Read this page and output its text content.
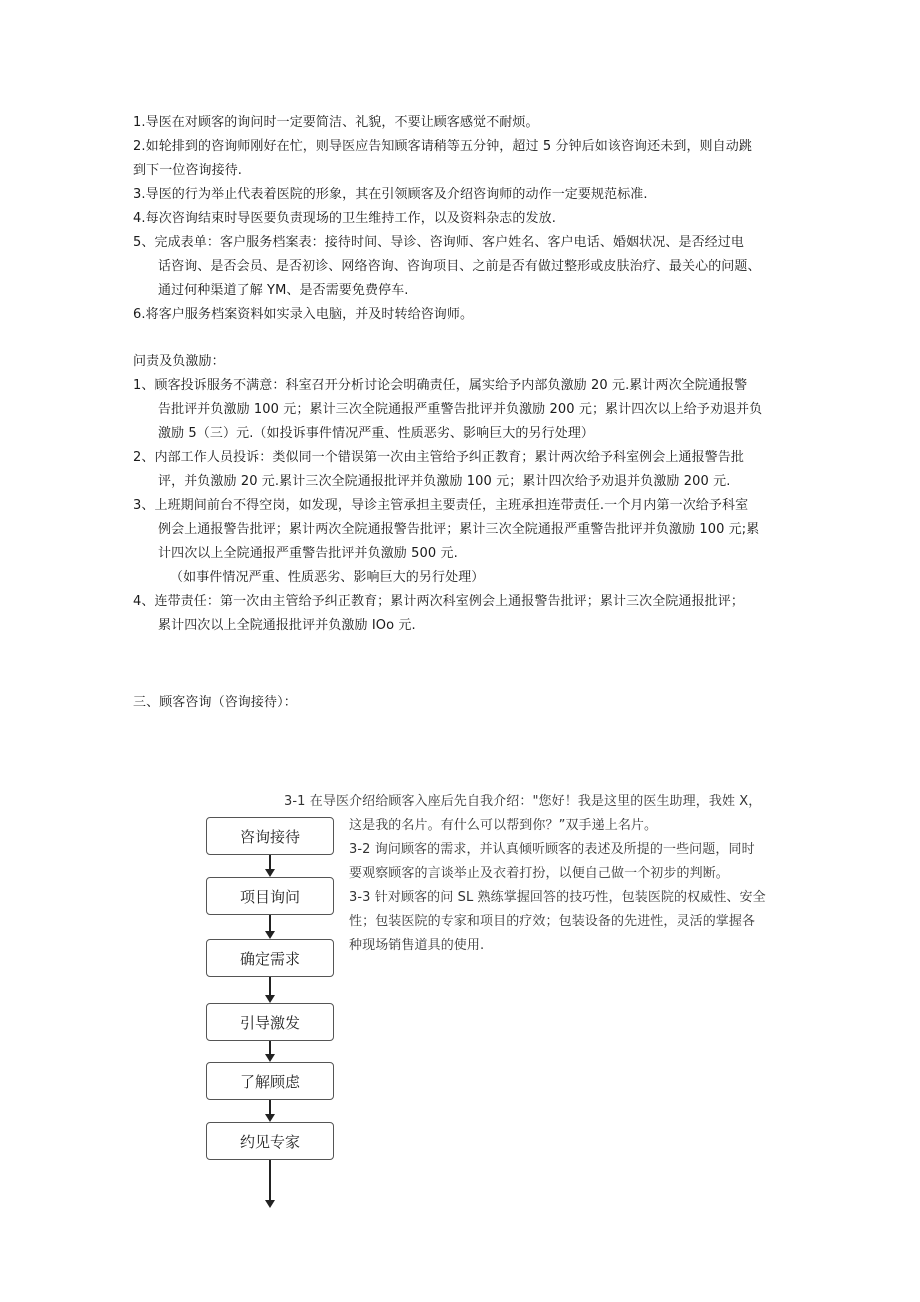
1.导医在对顾客的询问时一定要简洁、礼貌，不要让顾客感觉不耐烦。
2.如轮排到的咨询师刚好在忙，则导医应告知顾客请稍等五分钟，超过 5 分钟后如该咨询还未到，则自动跳
到下一位咨询接待.
3.导医的行为举止代表着医院的形象，其在引领顾客及介绍咨询师的动作一定要规范标准.
4.每次咨询结束时导医要负责现场的卫生维持工作，以及资料杂志的发放.
5、完成表单：客户服务档案表：接待时间、导诊、咨询师、客户姓名、客户电话、婚姻状况、是否经过电
话咨询、是否会员、是否初诊、网络咨询、咨询项目、之前是否有做过整形或皮肤治疗、最关心的问题、
通过何种渠道了解 YM、是否需要免费停车.
6.将客户服务档案资料如实录入电脑，并及时转给咨询师。
问责及负激励：
1、顾客投诉服务不满意：科室召开分析讨论会明确责任，属实给予内部负激励 20 元.累计两次全院通报警
告批评并负激励 100 元；累计三次全院通报严重警告批评并负激励 200 元；累计四次以上给予劝退并负
激励 5（三）元.（如投诉事件情况严重、性质恶劣、影响巨大的另行处理）
2、内部工作人员投诉：类似同一个错误第一次由主管给予纠正教育；累计两次给予科室例会上通报警告批
评，并负激励 20 元.累计三次全院通报批评并负激励 100 元；累计四次给予劝退并负激励 200 元.
3、上班期间前台不得空岗，如发现，导诊主管承担主要责任，主班承担连带责任.一个月内第一次给予科室
例会上通报警告批评；累计两次全院通报警告批评；累计三次全院通报严重警告批评并负激励 100 元;累
计四次以上全院通报严重警告批评并负激励 500 元.
（如事件情况严重、性质恶劣、影响巨大的另行处理）
4、连带责任：第一次由主管给予纠正教育；累计两次科室例会上通报警告批评；累计三次全院通报批评；
累计四次以上全院通报批评并负激励 IOo 元.
三、顾客咨询（咨询接待）：
咨询接待
项目询问
确定需求
引导激发
了解顾虑
约见专家
3-1 在导医介绍给顾客入座后先自我介绍："您好！我是这里的医生助理，我姓 X，
这是我的名片。有什么可以帮到你？”双手递上名片。
3-2 询问顾客的需求，并认真倾听顾客的表述及所提的一些问题，同时
要观察顾客的言谈举止及衣着打扮，以便自己做一个初步的判断。
3-3 针对顾客的问 SL 熟练掌握回答的技巧性，包装医院的权威性、安全
性；包装医院的专家和项目的疗效；包装设备的先进性，灵活的掌握各
种现场销售道具的使用.
